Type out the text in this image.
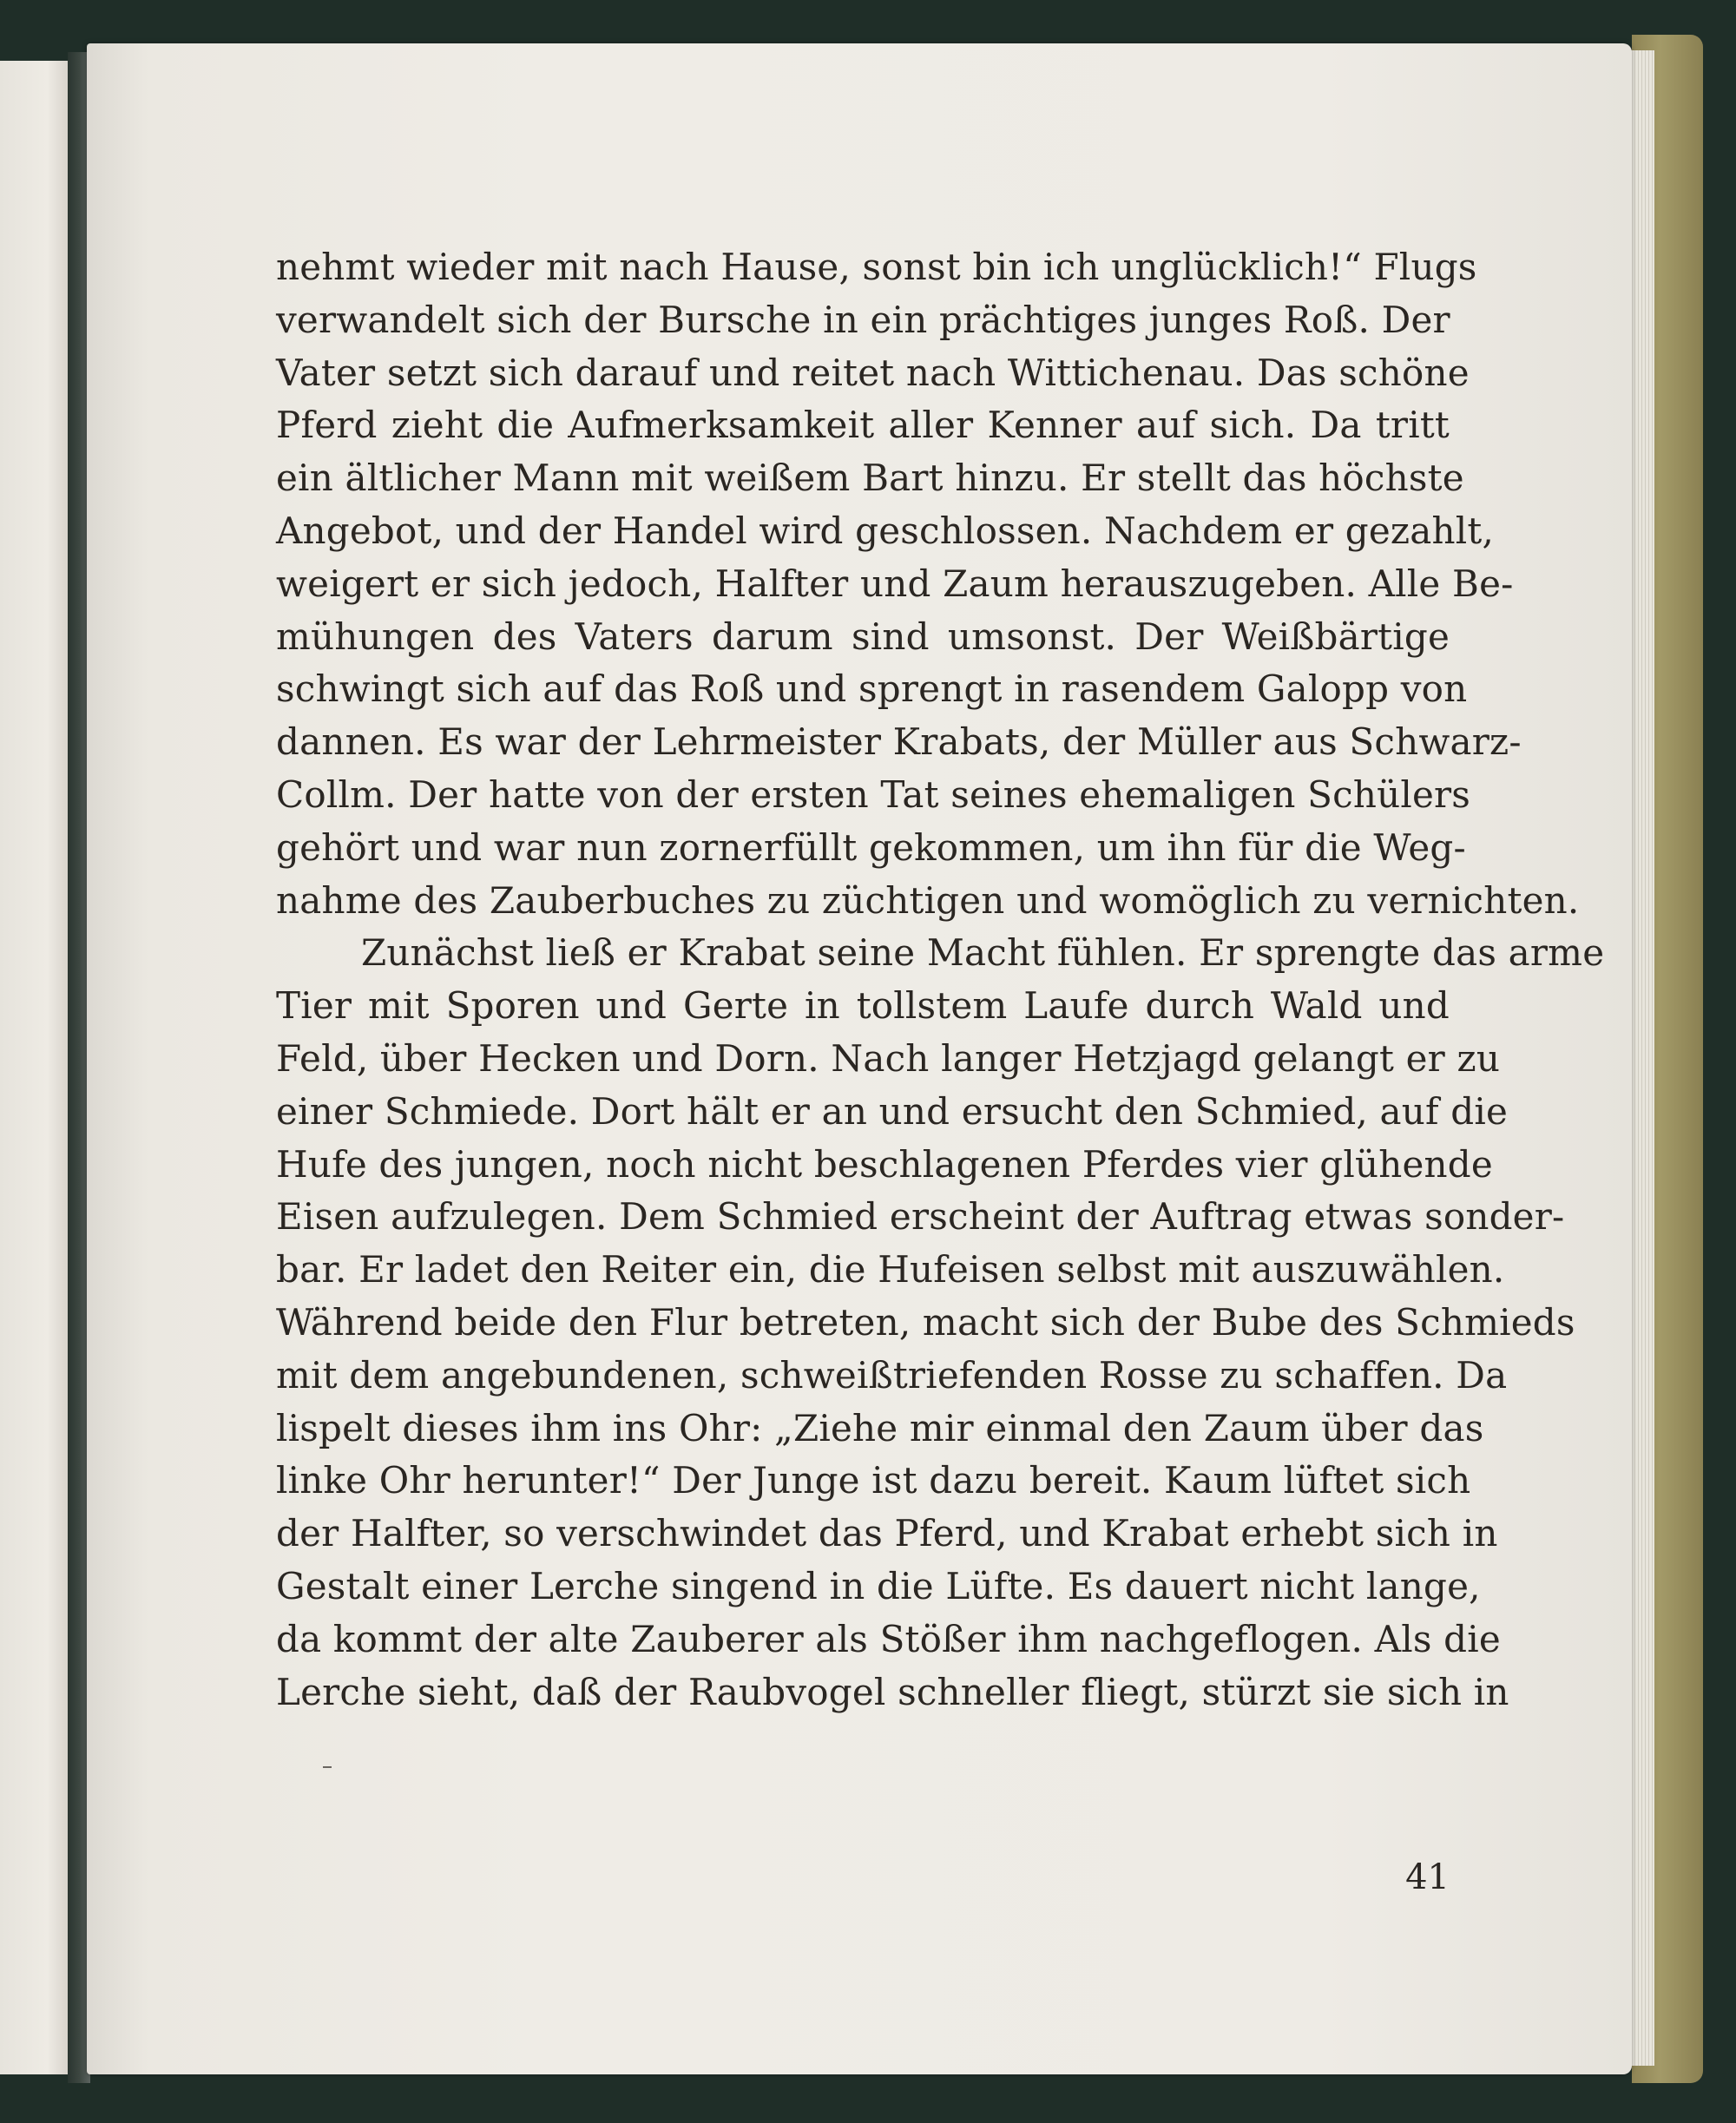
nehmt wieder mit nach Hause, sonst bin ich unglücklich!“ Flugs
verwandelt sich der Bursche in ein prächtiges junges Roß. Der
Vater setzt sich darauf und reitet nach Wittichenau. Das schöne
Pferd zieht die Aufmerksamkeit aller Kenner auf sich. Da tritt
ein ältlicher Mann mit weißem Bart hinzu. Er stellt das höchste
Angebot, und der Handel wird geschlossen. Nachdem er gezahlt,
weigert er sich jedoch, Halfter und Zaum herauszugeben. Alle Be-
mühungen des Vaters darum sind umsonst. Der Weißbärtige
schwingt sich auf das Roß und sprengt in rasendem Galopp von
dannen. Es war der Lehrmeister Krabats, der Müller aus Schwarz-
Collm. Der hatte von der ersten Tat seines ehemaligen Schülers
gehört und war nun zornerfüllt gekommen, um ihn für die Weg-
nahme des Zauberbuches zu züchtigen und womöglich zu vernichten.
Zunächst ließ er Krabat seine Macht fühlen. Er sprengte das arme
Tier mit Sporen und Gerte in tollstem Laufe durch Wald und
Feld, über Hecken und Dorn. Nach langer Hetzjagd gelangt er zu
einer Schmiede. Dort hält er an und ersucht den Schmied, auf die
Hufe des jungen, noch nicht beschlagenen Pferdes vier glühende
Eisen aufzulegen. Dem Schmied erscheint der Auftrag etwas sonder-
bar. Er ladet den Reiter ein, die Hufeisen selbst mit auszuwählen.
Während beide den Flur betreten, macht sich der Bube des Schmieds
mit dem angebundenen, schweißtriefenden Rosse zu schaffen. Da
lispelt dieses ihm ins Ohr: „Ziehe mir einmal den Zaum über das
linke Ohr herunter!“ Der Junge ist dazu bereit. Kaum lüftet sich
der Halfter, so verschwindet das Pferd, und Krabat erhebt sich in
Gestalt einer Lerche singend in die Lüfte. Es dauert nicht lange,
da kommt der alte Zauberer als Stößer ihm nachgeflogen. Als die
Lerche sieht, daß der Raubvogel schneller fliegt, stürzt sie sich in
41
